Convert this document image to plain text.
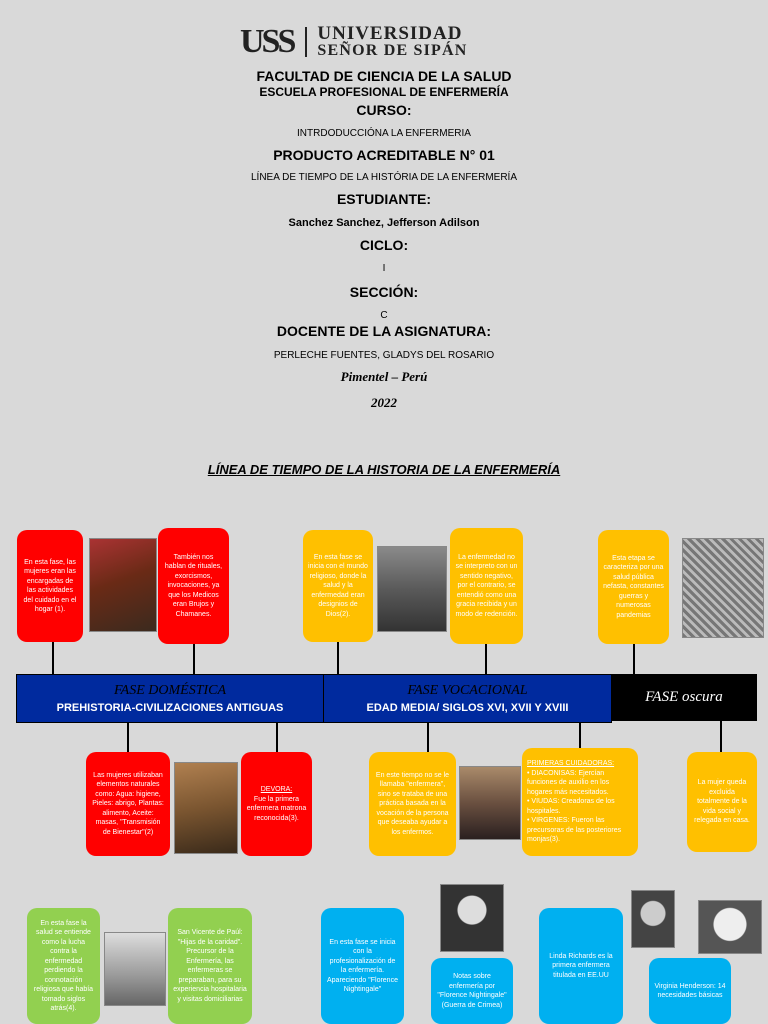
USS UNIVERSIDAD
SEÑOR DE SIPÁN
FACULTAD DE CIENCIA DE LA SALUD
ESCUELA PROFESIONAL DE ENFERMERÍA
CURSO:
INTRDODUCCIÓNA LA ENFERMERIA
PRODUCTO ACREDITABLE N° 01
LÍNEA DE TIEMPO DE LA HISTÓRIA DE LA ENFERMERÍA
ESTUDIANTE:
Sanchez Sanchez, Jefferson Adilson
CICLO:
I
SECCIÓN:
C
DOCENTE DE LA ASIGNATURA:
PERLECHE FUENTES, GLADYS DEL ROSARIO
Pimentel – Perú
2022
LÍNEA DE TIEMPO DE LA HISTORIA DE LA ENFERMERÍA
FASE DOMÉSTICA
PREHISTORIA-CIVILIZACIONES ANTIGUAS
FASE VOCACIONAL
EDAD MEDIA/ SIGLOS XVI, XVII Y XVIII
FASE oscura
En esta fase, las mujeres eran las encargadas de las actividades del cuidado en el hogar (1).
También nos hablan de rituales, exorcismos, invocaciones, ya que los Medicos eran Brujos y Chamanes.
En esta fase se inicia con el mundo religioso, donde la salud y la enfermedad eran designios de Dios(2).
La enfermedad no se interpreto con un sentido negativo, por el contrario, se entendió como una gracia recibida y un modo de redención.
Esta etapa se caracteriza por una salud pública nefasta, constantes guerras y numerosas pandemias
Las mujeres utilizaban elementos naturales como: Agua: higiene, Pieles: abrigo, Plantas: alimento, Aceite: masas, "Transmisión de Bienestar"(2)
DEVORA:
Fue la primera enfermera matrona reconocida(3).
En este tiempo no se le llamaba "enfermera", sino se trataba de una práctica basada en la vocación de la persona que deseaba ayudar a los enfermos.
PRIMERAS CUIDADORAS:
• DIACONISAS: Ejercían funciones de auxilio en los hogares más necesitados.
• VIUDAS: Creadoras de los hospitales.
• VIRGENES: Fueron las precursoras de las posteriores monjas(3).
La mujer queda excluida totalmente de la vida social y relegada en casa.
En esta fase la salud se entiende como la lucha contra la enfermedad perdiendo la connotación religiosa que había tomado siglos atrás(4).
San Vicente de Paúl: "Hijas de la caridad". Precursor de la Enfermería, las enfermeras se preparaban, para su experiencia hospitalaria y visitas domiciliarias
En esta fase se inicia con la profesionalización de la enfermería. Apareciendo "Florence Nightingale"
Notas sobre enfermería por "Florence Nightingale" (Guerra de Crimea)
Linda Richards es la primera enfermera titulada en EE.UU
Virginia Henderson: 14 necesidades básicas
